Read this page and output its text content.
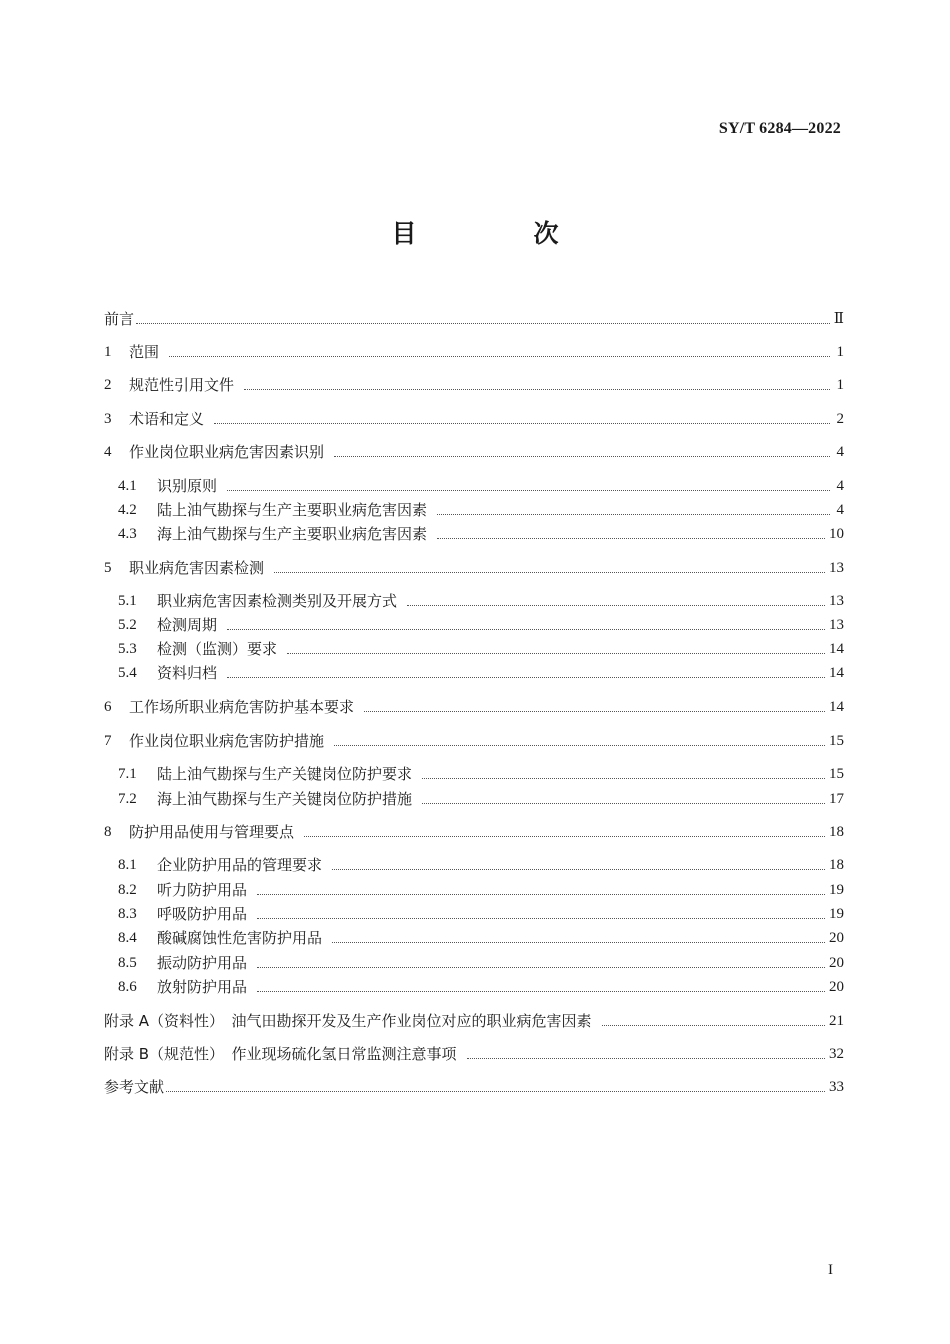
SY/T 6284—2022
目　次
前言	Ⅱ
1	范围	1
2	规范性引用文件	1
3	术语和定义	2
4	作业岗位职业病危害因素识别	4
4.1	识别原则	4
4.2	陆上油气勘探与生产主要职业病危害因素	4
4.3	海上油气勘探与生产主要职业病危害因素	10
5	职业病危害因素检测	13
5.1	职业病危害因素检测类别及开展方式	13
5.2	检测周期	13
5.3	检测（监测）要求	14
5.4	资料归档	14
6	工作场所职业病危害防护基本要求	14
7	作业岗位职业病危害防护措施	15
7.1	陆上油气勘探与生产关键岗位防护要求	15
7.2	海上油气勘探与生产关键岗位防护措施	17
8	防护用品使用与管理要点	18
8.1	企业防护用品的管理要求	18
8.2	听力防护用品	19
8.3	呼吸防护用品	19
8.4	酸碱腐蚀性危害防护用品	20
8.5	振动防护用品	20
8.6	放射防护用品	20
附录 A（资料性）　油气田勘探开发及生产作业岗位对应的职业病危害因素	21
附录 B（规范性）　作业现场硫化氢日常监测注意事项	32
参考文献	33
I
